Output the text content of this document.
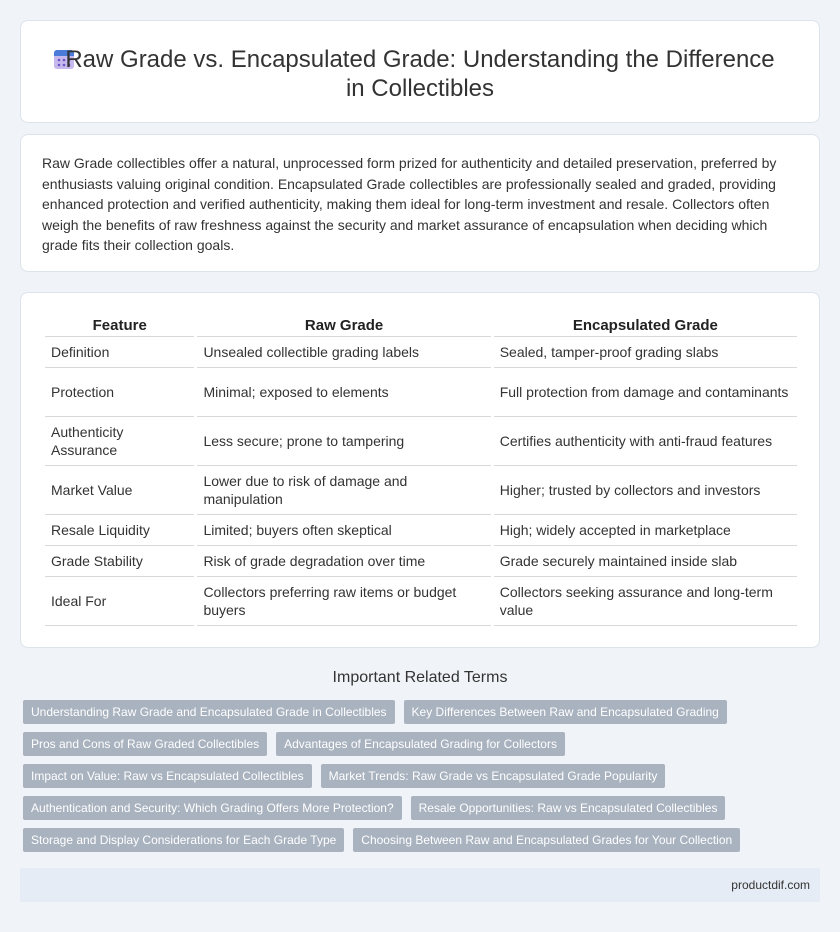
Raw Grade vs. Encapsulated Grade: Understanding the Difference in Collectibles

Raw Grade collectibles offer a natural, unprocessed form prized for authenticity and detailed preservation, preferred by enthusiasts valuing original condition. Encapsulated Grade collectibles are professionally sealed and graded, providing enhanced protection and verified authenticity, making them ideal for long-term investment and resale. Collectors often weigh the benefits of raw freshness against the security and market assurance of encapsulation when deciding which grade fits their collection goals.

Feature	Raw Grade	Encapsulated Grade
Definition	Unsealed collectible grading labels	Sealed, tamper-proof grading slabs
Protection	Minimal; exposed to elements	Full protection from damage and contaminants
Authenticity Assurance	Less secure; prone to tampering	Certifies authenticity with anti-fraud features
Market Value	Lower due to risk of damage and manipulation	Higher; trusted by collectors and investors
Resale Liquidity	Limited; buyers often skeptical	High; widely accepted in marketplace
Grade Stability	Risk of grade degradation over time	Grade securely maintained inside slab
Ideal For	Collectors preferring raw items or budget buyers	Collectors seeking assurance and long-term value
Important Related Terms
Understanding Raw Grade and Encapsulated Grade in Collectibles	Key Differences Between Raw and Encapsulated Grading
Pros and Cons of Raw Graded Collectibles	Advantages of Encapsulated Grading for Collectors
Impact on Value: Raw vs Encapsulated Collectibles	Market Trends: Raw Grade vs Encapsulated Grade Popularity
Authentication and Security: Which Grading Offers More Protection?	Resale Opportunities: Raw vs Encapsulated Collectibles
Storage and Display Considerations for Each Grade Type	Choosing Between Raw and Encapsulated Grades for Your Collection
productdif.com
